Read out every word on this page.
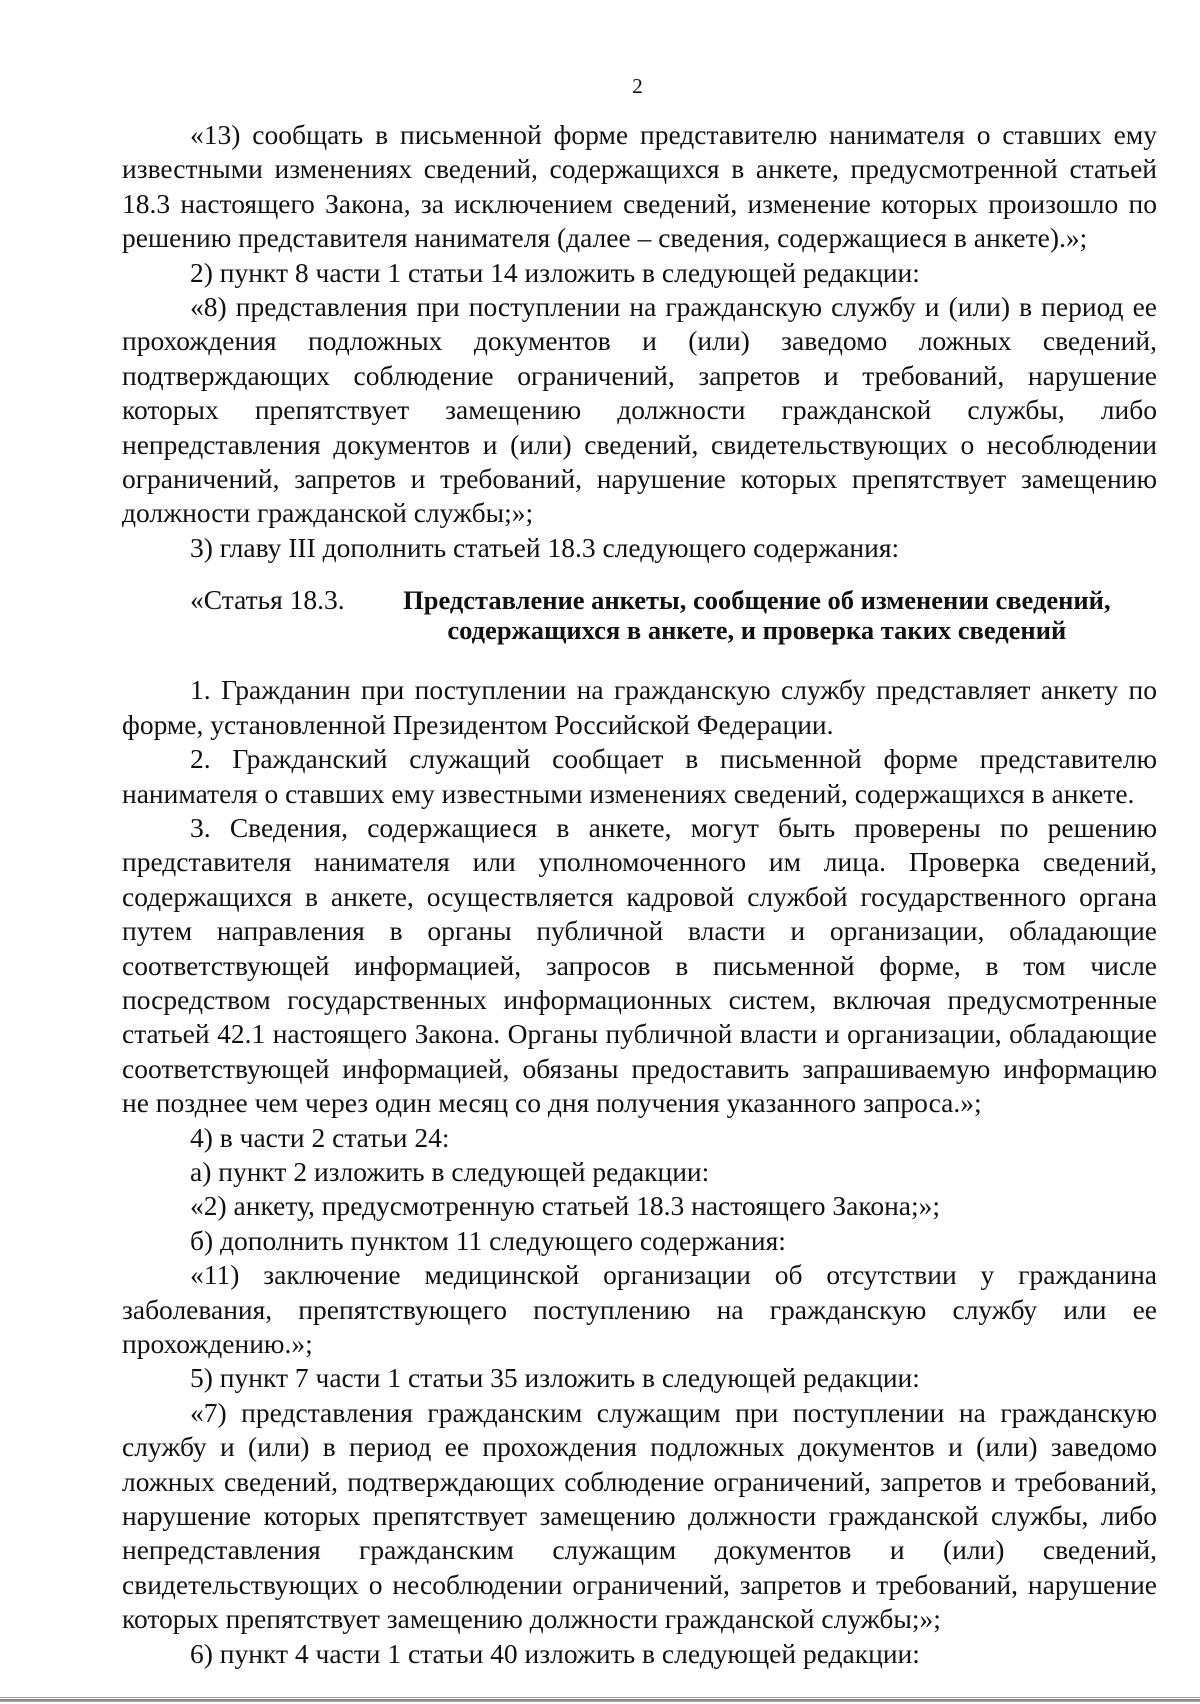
2

«13) сообщать в письменной форме представителю нанимателя о ставших ему известными изменениях сведений, содержащихся в анкете, предусмотренной статьей 18.3 настоящего Закона, за исключением сведений, изменение которых произошло по решению представителя нанимателя (далее – сведения, содержащиеся в анкете).»;

2) пункт 8 части 1 статьи 14 изложить в следующей редакции:

«8) представления при поступлении на гражданскую службу и (или) в период ее прохождения подложных документов и (или) заведомо ложных сведений, подтверждающих соблюдение ограничений, запретов и требований, нарушение которых препятствует замещению должности гражданской службы, либо непредставления документов и (или) сведений, свидетельствующих о несоблюдении ограничений, запретов и требований, нарушение которых препятствует замещению должности гражданской службы;»;

3) главу III дополнить статьей 18.3 следующего содержания:

«Статья 18.3.	Представление анкеты, сообщение об изменении сведений, содержащихся в анкете, и проверка таких сведений

1. Гражданин при поступлении на гражданскую службу представляет анкету по форме, установленной Президентом Российской Федерации.

2. Гражданский служащий сообщает в письменной форме представителю нанимателя о ставших ему известными изменениях сведений, содержащихся в анкете.

3. Сведения, содержащиеся в анкете, могут быть проверены по решению представителя нанимателя или уполномоченного им лица. Проверка сведений, содержащихся в анкете, осуществляется кадровой службой государственного органа путем направления в органы публичной власти и организации, обладающие соответствующей информацией, запросов в письменной форме, в том числе посредством государственных информационных систем, включая предусмотренные статьей 42.1 настоящего Закона. Органы публичной власти и организации, обладающие соответствующей информацией, обязаны предоставить запрашиваемую информацию не позднее чем через один месяц со дня получения указанного запроса.»;

4) в части 2 статьи 24:

а) пункт 2 изложить в следующей редакции:

«2) анкету, предусмотренную статьей 18.3 настоящего Закона;»;

б) дополнить пунктом 11 следующего содержания:

«11) заключение медицинской организации об отсутствии у гражданина заболевания, препятствующего поступлению на гражданскую службу или ее прохождению.»;

5) пункт 7 части 1 статьи 35 изложить в следующей редакции:

«7) представления гражданским служащим при поступлении на гражданскую службу и (или) в период ее прохождения подложных документов и (или) заведомо ложных сведений, подтверждающих соблюдение ограничений, запретов и требований, нарушение которых препятствует замещению должности гражданской службы, либо непредставления гражданским служащим документов и (или) сведений, свидетельствующих о несоблюдении ограничений, запретов и требований, нарушение которых препятствует замещению должности гражданской службы;»;

6) пункт 4 части 1 статьи 40 изложить в следующей редакции:
